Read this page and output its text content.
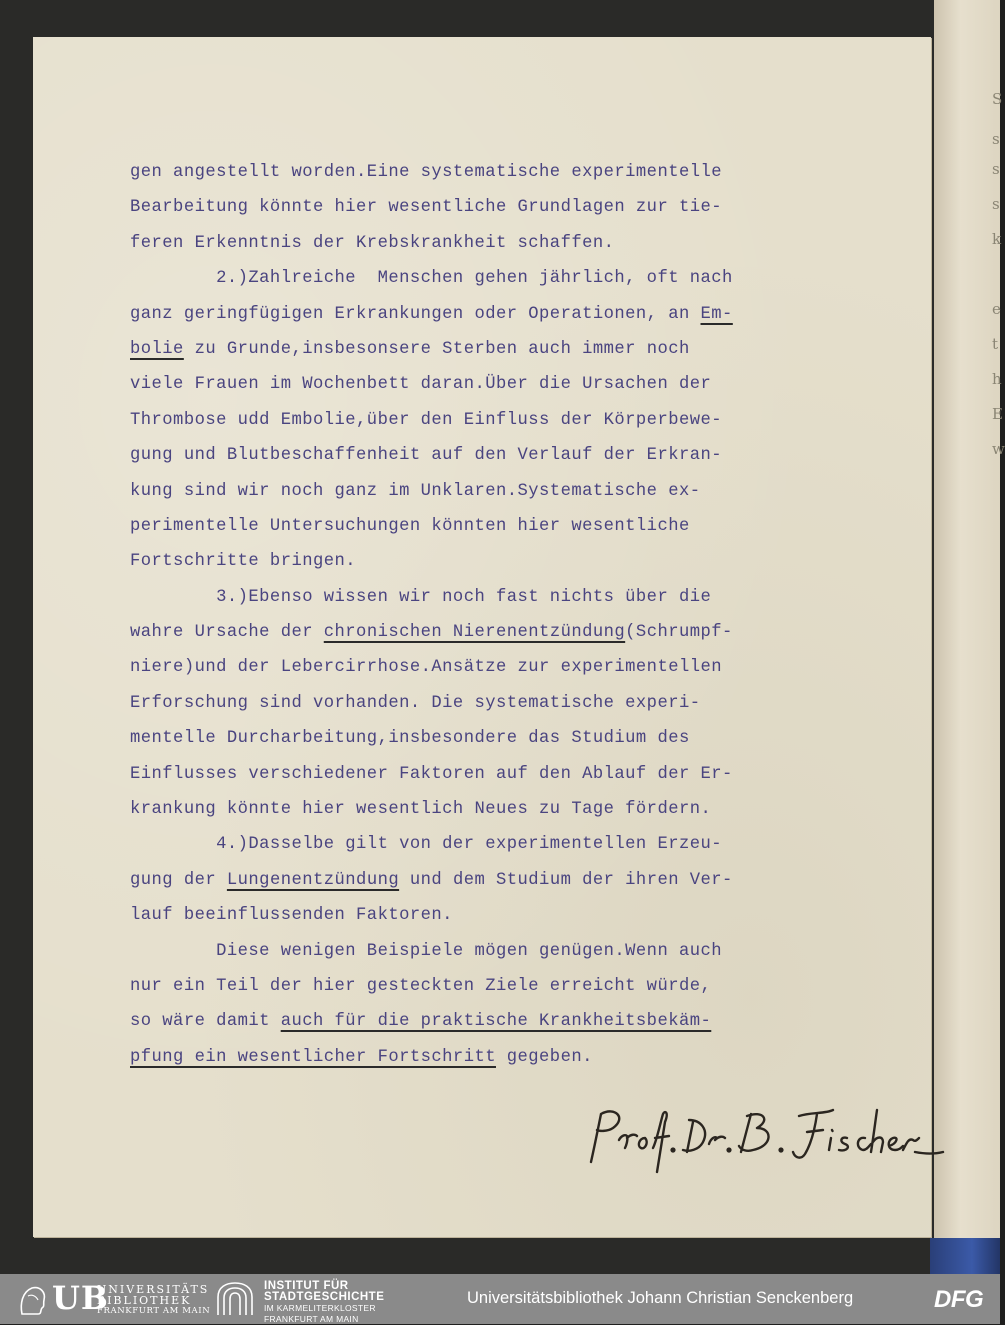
S
s
s
s
k
e
t
h
E
w

gen angestellt worden.Eine systematische experimentelle
Bearbeitung könnte hier wesentliche Grundlagen zur tie-
feren Erkenntnis der Krebskrankheit schaffen.
2.)Zahlreiche  Menschen gehen jährlich, oft nach
ganz geringfügigen Erkrankungen oder Operationen, an Em-
bolie zu Grunde,insbesonsere Sterben auch immer noch
viele Frauen im Wochenbett daran.Über die Ursachen der
Thrombose udd Embolie,über den Einfluss der Körperbewe-
gung und Blutbeschaffenheit auf den Verlauf der Erkran-
kung sind wir noch ganz im Unklaren.Systematische ex-
perimentelle Untersuchungen könnten hier wesentliche
Fortschritte bringen.
3.)Ebenso wissen wir noch fast nichts über die
wahre Ursache der chronischen Nierenentzündung(Schrumpf-
niere)und der Lebercirrhose.Ansätze zur experimentellen
Erforschung sind vorhanden. Die systematische experi-
mentelle Durcharbeitung,insbesondere das Studium des
Einflusses verschiedener Faktoren auf den Ablauf der Er-
krankung könnte hier wesentlich Neues zu Tage fördern.
4.)Dasselbe gilt von der experimentellen Erzeu-
gung der Lungenentzündung und dem Studium der ihren Ver-
lauf beeinflussenden Faktoren.
Diese wenigen Beispiele mögen genügen.Wenn auch
nur ein Teil der hier gesteckten Ziele erreicht würde,
so wäre damit auch für die praktische Krankheitsbekäm-
pfung ein wesentlicher Fortschritt gegeben.
UB
UNIVERSITÄTS
BIBLIOTHEK
FRANKFURT AM MAIN
INSTITUT FÜR
STADTGESCHICHTE
IM KARMELITERKLOSTER
FRANKFURT AM MAIN
Universitätsbibliothek Johann Christian Senckenberg	DFG
